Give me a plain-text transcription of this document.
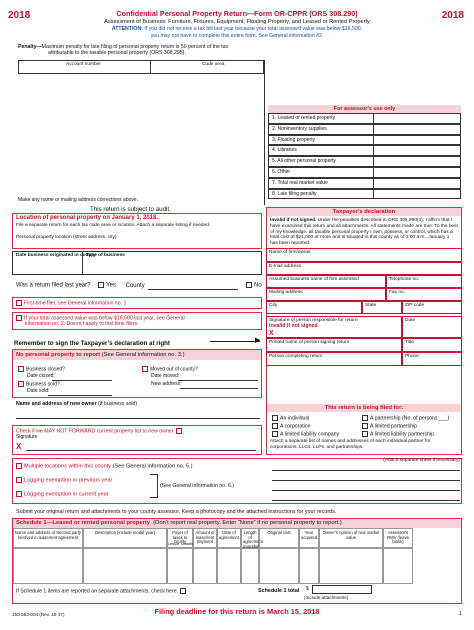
2018	2018
Confidential Personal Property Return—Form OR-CPPR (ORS 308.290)
Assessment of Business: Furniture, Fixtures, Equipment, Floating Property, and Leased or Rented Property
ATTENTION: If you did not receive a tax bill last year because your total assessed value was below $16,500,
you may not have to complete this entire form. See General information #2.
Penalty—Maximum penalty for late filing of personal property return is 50 percent of the tax
attributable to the taxable personal property (ORS 308.295).
Account number	Code area
For assessor’s use only
1. Leased or rented property
2. Noninventory supplies
3. Floating property
4. Libraries
5. All other personal property
6. Other
7. Total real market value
8. Late filing penalty
Make any name or mailing address corrections above.
This return is subject to audit.
Location of personal property on January 1, 2018.
File a separate return for each tax code area or location. Attach a separate listing if needed.
Personal property location (street address, city)
Date business originated in county
Type of business
Was a return filed last year?	Yes County	No
First-time filer, see General information no. 1
If your total assessed value was below $16,500 last year, see General
information no. 2. Doesn’t apply to first time filers.
Remember to sign the Taxpayer’s declaration at right	▶
No personal property to report (See General information no. 3.)
Business closed?
Date closed:
Business sold?
Date sold:
Moved out of county?
Date moved:
New address:
Name and address of new owner (if business sold)
Check if we MAY NOT FORWARD current property list to new owner.
Signature
X
Multiple locations within this county (See General information no. 5.)
Logging exemption in previous year
Logging exemption in current year
(See General information no. 6.)
Taxpayer’s declaration
Invalid if not signed. Under the penalties described in ORS 305.990(4), I affirm that I have examined this return and all attachments. All statements made are true. To the best of my knowledge, all taxable personal property I own, possess, or control, which has a total cost of $21,000 or more and is situated in this county as of 1:00 a.m., January 1 has been reported.
Name of firm/owner
E-mail address
Assumed business name of firm assessed	Telephone no.
Mailing address	Fax no.
City	State	ZIP code
Signature of person responsible for return
Invalid if not signed
X
Date
Printed name of person signing return	Title
Person completing return	Phone
This return is being filed for:
An individual	A partnership (No. of persons ___)
A corporation	A limited partnership
A limited liability company	A limited liability partnership
Attach a separate list of names and addresses of each individual partner for corporations, LLCs, LLPs, and partnerships.
(Attach separate sheet if necessary)
Submit your original return and attachments to your county assessor. Keep a photocopy and the attached instructions for your records.
Schedule 1—Leased or rented personal property (Don’t report real property. Enter “None” if no personal property to report.)
Name and address of Second party involved in lease/rent agreement
Description (include model year)	Payer of taxes to county
Lessor Lessee
Amount of lease/rent payment
Date of agreement
Length of agreement (months)
Original cost	Year acquired
Owner’s opinion of real market value
Assessor’s RMV (leave blank)
If Schedule 1 items are reported on separate attachments, check here.	Schedule 1 total
(Include attachments)
$
150-553-004 (Rev. 10-17)	Filing deadline for this return is March 15, 2018	1
